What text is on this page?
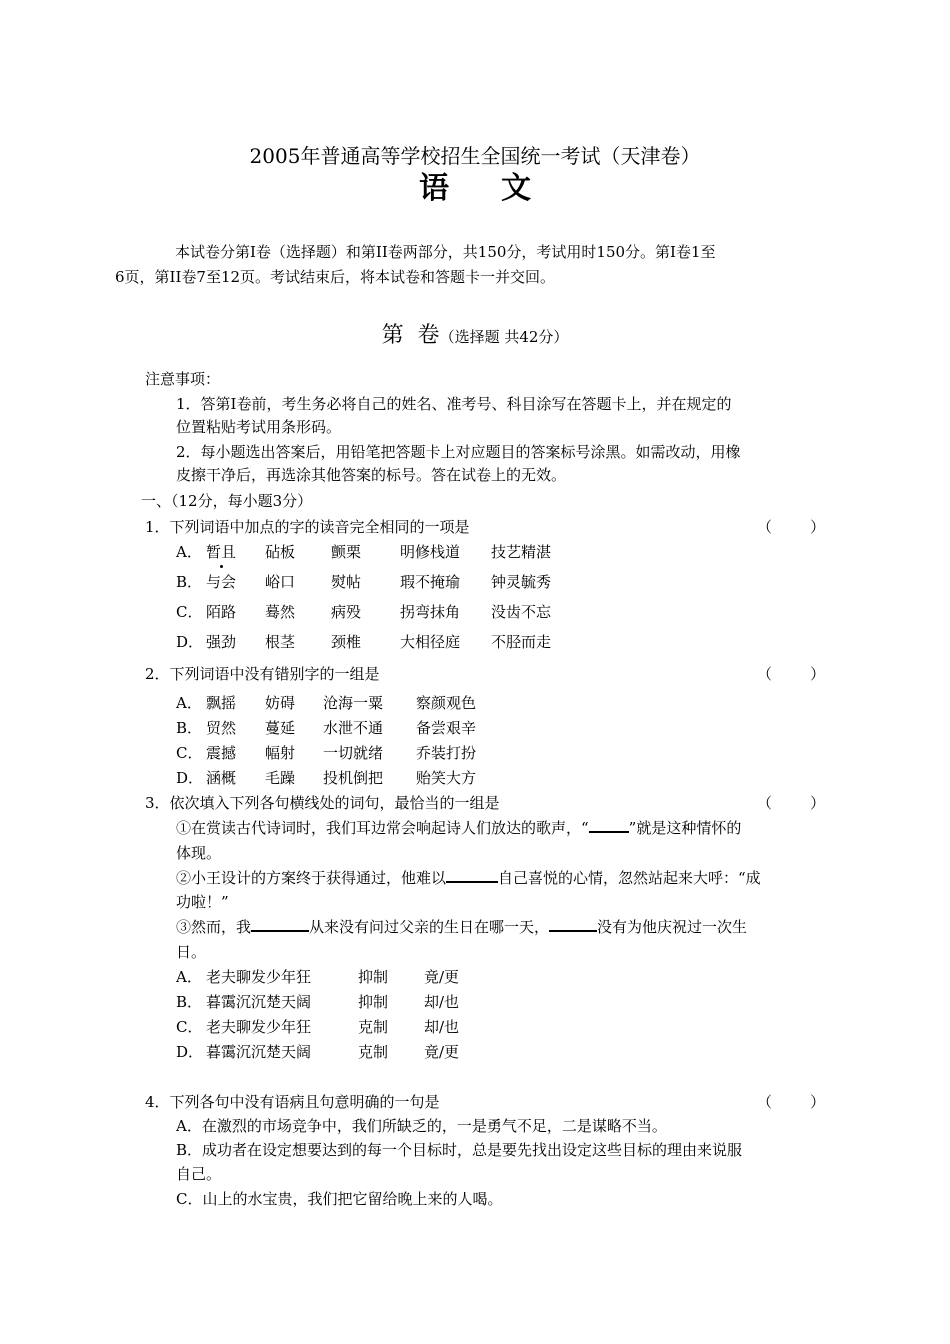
2005年普通高等学校招生全国统一考试（天津卷）
语 文
本试卷分第I卷（选择题）和第II卷两部分，共150分，考试用时150分。第I卷1至
6页，第II卷7至12页。考试结束后，将本试卷和答题卡一并交回。
第  卷（选择题 共42分）
注意事项：
1．答第I卷前，考生务必将自己的姓名、准考号、科目涂写在答题卡上，并在规定的
位置粘贴考试用条形码。
2．每小题选出答案后，用铅笔把答题卡上对应题目的答案标号涂黑。如需改动，用橡
皮擦干净后，再选涂其他答案的标号。答在试卷上的无效。
一、（12分，每小题3分）
1．下列词语中加点的字的读音完全相同的一项是	（        ）
A． 暂且 砧板 颤栗	明修栈道 技艺精湛
B． 与会 峪口 熨帖	瑕不掩瑜 钟灵毓秀
C． 陌路 蓦然 病殁	拐弯抹角 没齿不忘
D． 强劲 根茎 颈椎	大相径庭 不胫而走
2．下列词语中没有错别字的一组是	（        ）
A． 飘摇 妨碍 沧海一粟 察颜观色
B． 贸然 蔓延 水泄不通 备尝艰辛
C． 震撼 幅射 一切就绪 乔装打扮
D． 涵概 毛躁 投机倒把 贻笑大方
3．依次填入下列各句横线处的词句，最恰当的一组是	（        ）
①在赏读古代诗词时，我们耳边常会响起诗人们放达的歌声，“	”就是这种情怀的
体现。
②小王设计的方案终于获得通过，他难以	自己喜悦的心情，忽然站起来大呼：“成
功啦！”
③然而，我	从来没有问过父亲的生日在哪一天，	没有为他庆祝过一次生
日。
A． 老夫聊发少年狂	抑制 竟/更
B． 暮霭沉沉楚天阔	抑制 却/也
C． 老夫聊发少年狂	克制 却/也
D． 暮霭沉沉楚天阔	克制 竟/更
4．下列各句中没有语病且句意明确的一句是	（        ）
A．在激烈的市场竞争中，我们所缺乏的，一是勇气不足，二是谋略不当。
B．成功者在设定想要达到的每一个目标时，总是要先找出设定这些目标的理由来说服
自己。
C．山上的水宝贵，我们把它留给晚上来的人喝。
